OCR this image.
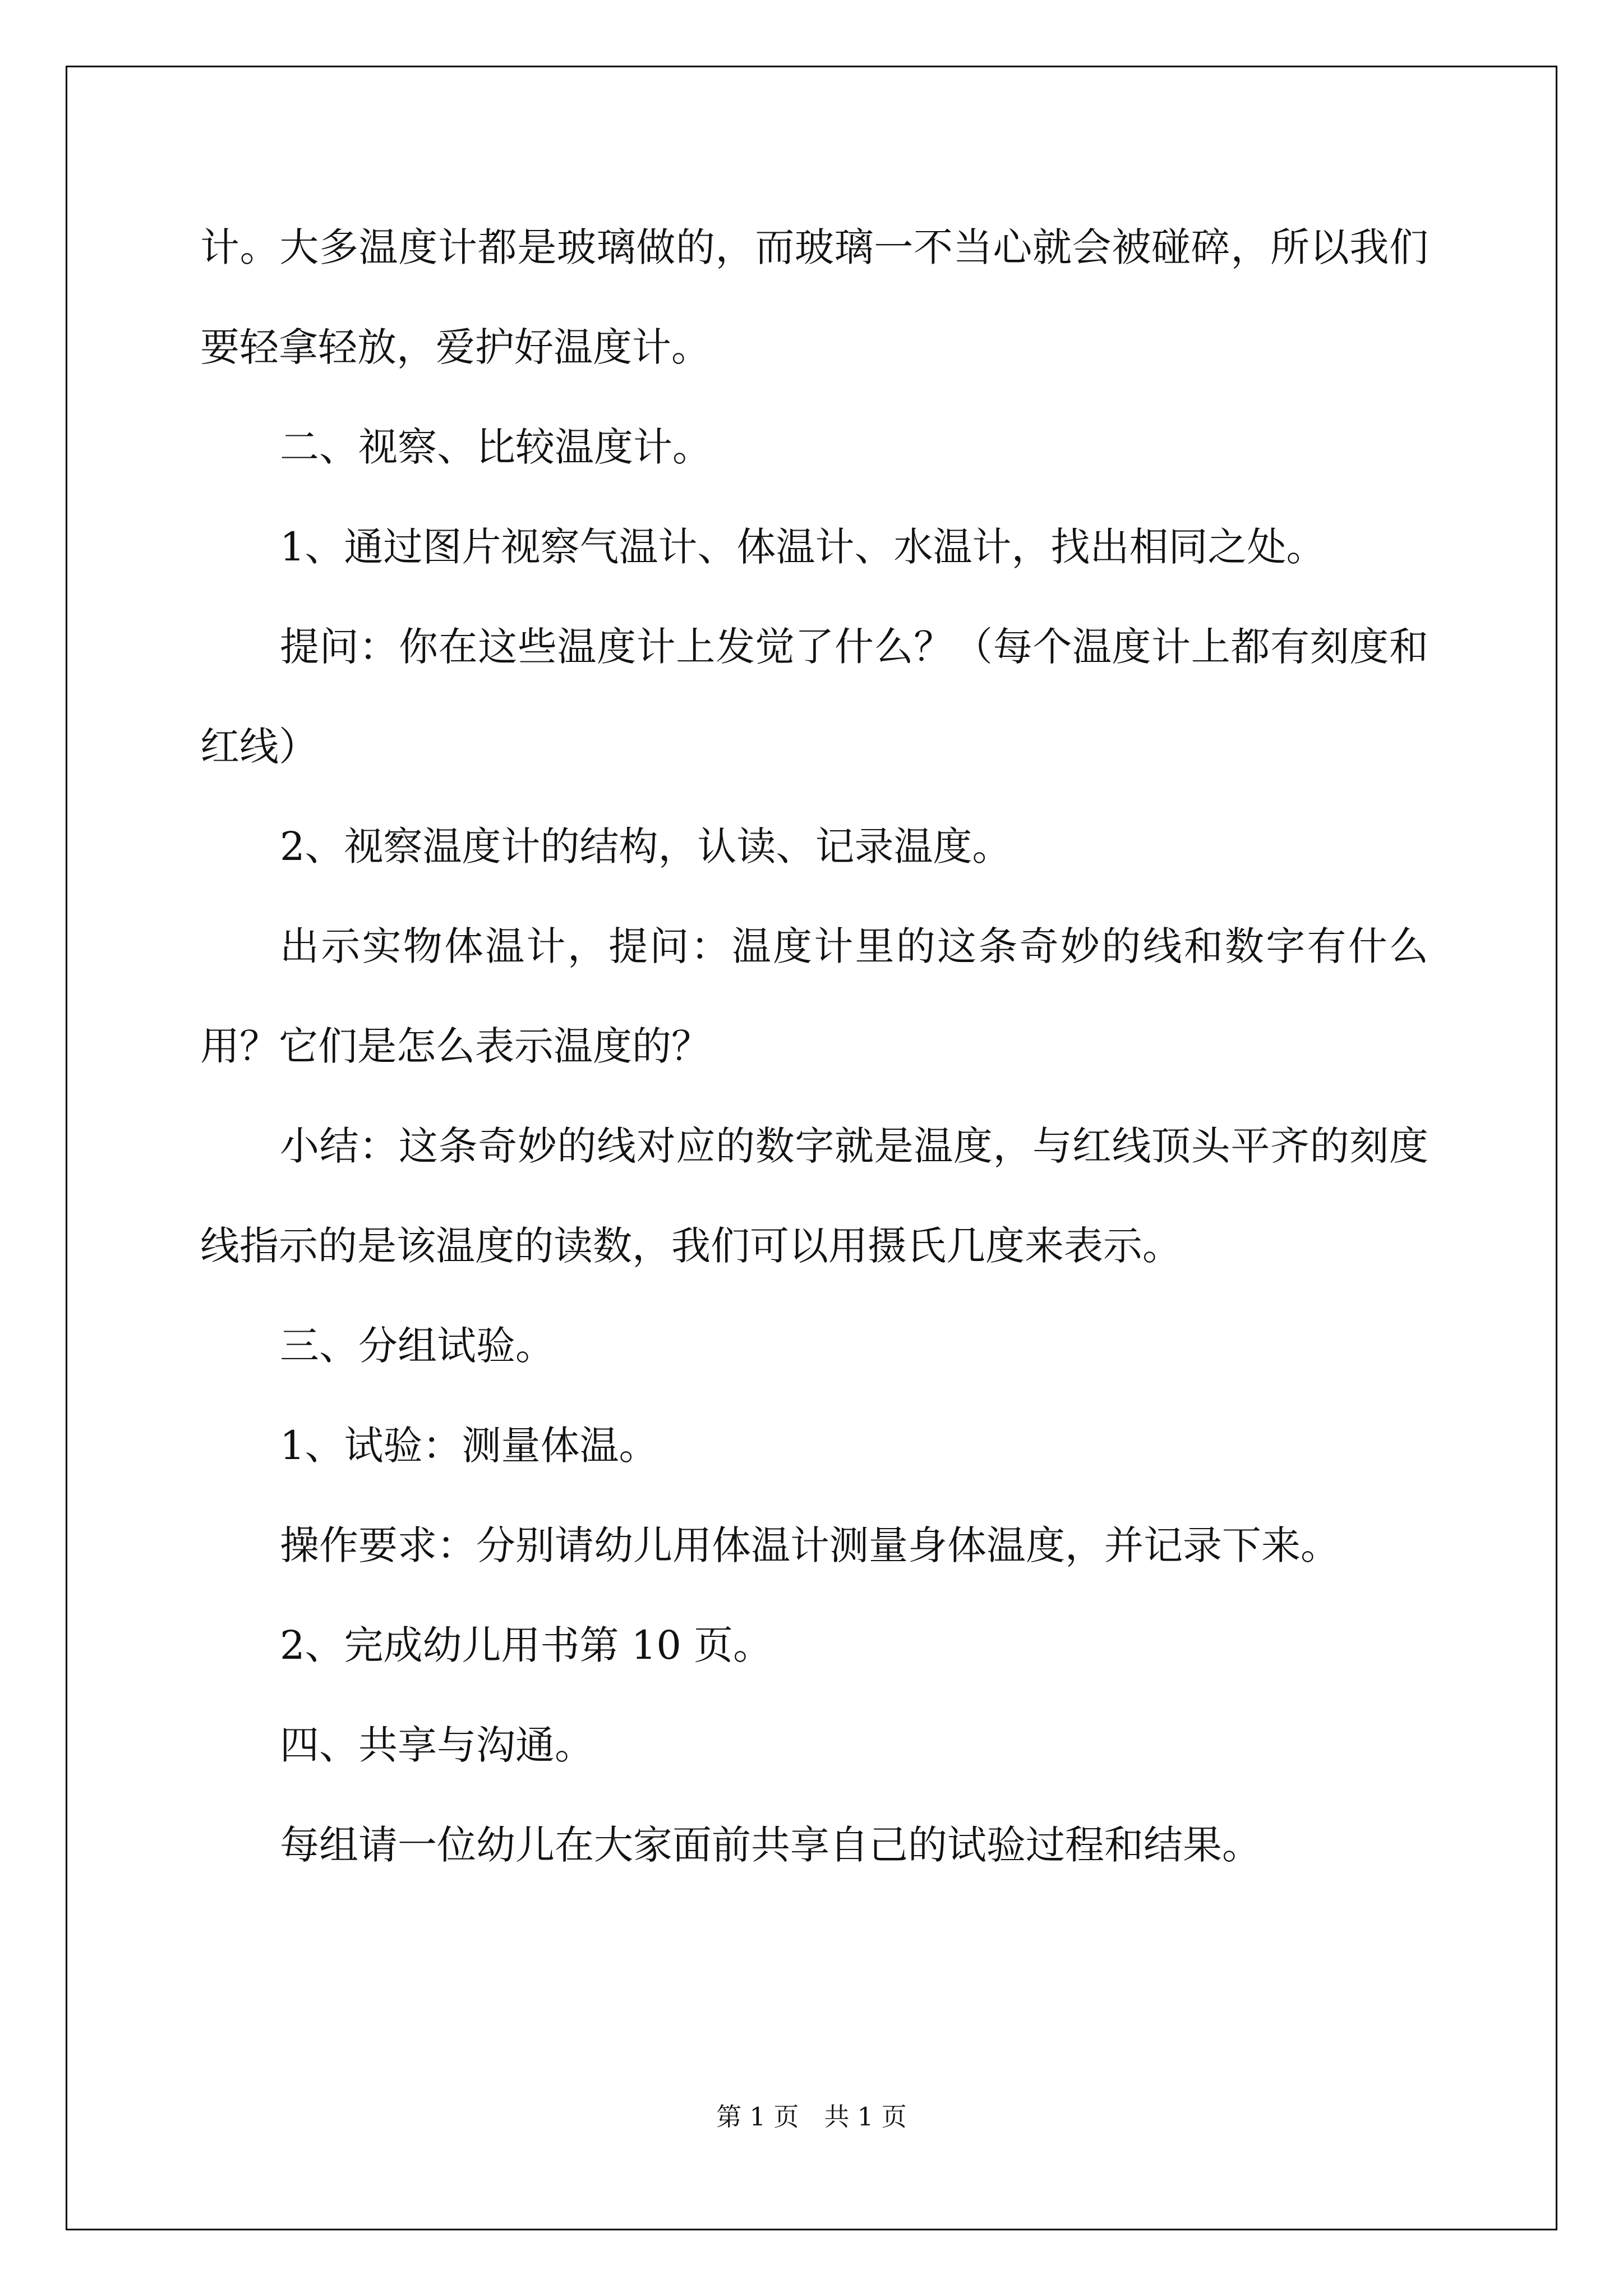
计。大多温度计都是玻璃做的，而玻璃一不当心就会被碰碎，所以我们要轻拿轻放，爱护好温度计。

二、视察、比较温度计。

1、通过图片视察气温计、体温计、水温计，找出相同之处。

提问：你在这些温度计上发觉了什么？（每个温度计上都有刻度和红线）

2、视察温度计的结构，认读、记录温度。

出示实物体温计，提问：温度计里的这条奇妙的线和数字有什么用？它们是怎么表示温度的？

小结：这条奇妙的线对应的数字就是温度，与红线顶头平齐的刻度线指示的是该温度的读数，我们可以用摄氏几度来表示。

三、分组试验。

1、试验：测量体温。

操作要求：分别请幼儿用体温计测量身体温度，并记录下来。

2、完成幼儿用书第 10 页。

四、共享与沟通。

每组请一位幼儿在大家面前共享自己的试验过程和结果。

第 1 页　共 1 页
